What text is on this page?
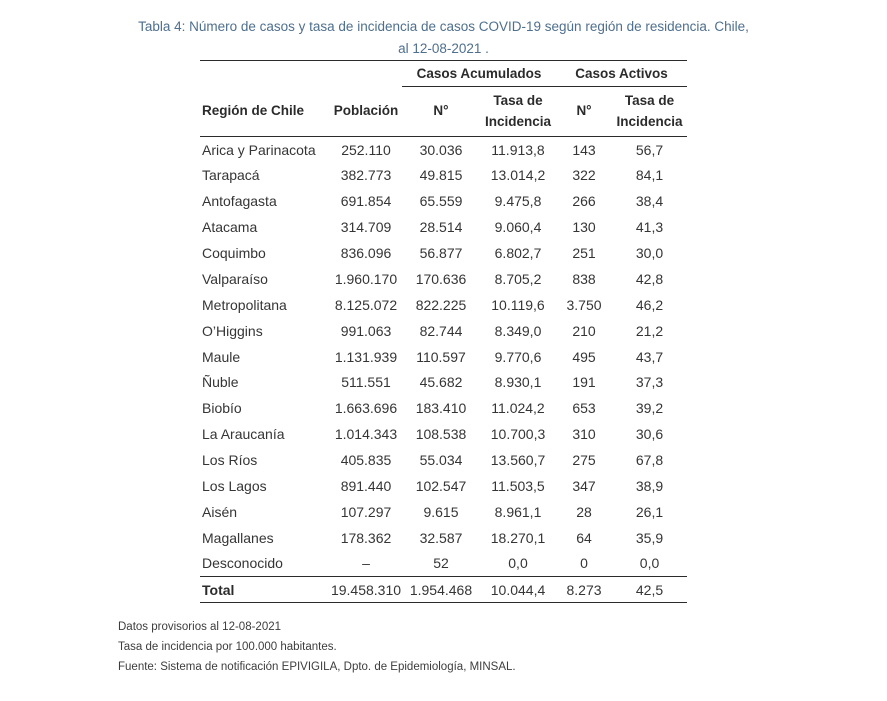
Tabla 4: Número de casos y tasa de incidencia de casos COVID-19 según región de residencia. Chile,
al 12-08-2021 .
		Casos Acumulados		Casos Activos	
Región de Chile	Población	N°	Tasa de Incidencia	N°	Tasa de Incidencia
Arica y Parinacota	252.110	30.036	11.913,8	143	56,7
Tarapacá	382.773	49.815	13.014,2	322	84,1
Antofagasta	691.854	65.559	9.475,8	266	38,4
Atacama	314.709	28.514	9.060,4	130	41,3
Coquimbo	836.096	56.877	6.802,7	251	30,0
Valparaíso	1.960.170	170.636	8.705,2	838	42,8
Metropolitana	8.125.072	822.225	10.119,6	3.750	46,2
O’Higgins	991.063	82.744	8.349,0	210	21,2
Maule	1.131.939	110.597	9.770,6	495	43,7
Ñuble	511.551	45.682	8.930,1	191	37,3
Biobío	1.663.696	183.410	11.024,2	653	39,2
La Araucanía	1.014.343	108.538	10.700,3	310	30,6
Los Ríos	405.835	55.034	13.560,7	275	67,8
Los Lagos	891.440	102.547	11.503,5	347	38,9
Aisén	107.297	9.615	8.961,1	28	26,1
Magallanes	178.362	32.587	18.270,1	64	35,9
Desconocido	–	52	0,0	0	0,0
Total	19.458.310	1.954.468	10.044,4	8.273	42,5
Datos provisorios al 12-08-2021
Tasa de incidencia por 100.000 habitantes.
Fuente: Sistema de notificación EPIVIGILA, Dpto. de Epidemiología, MINSAL.
